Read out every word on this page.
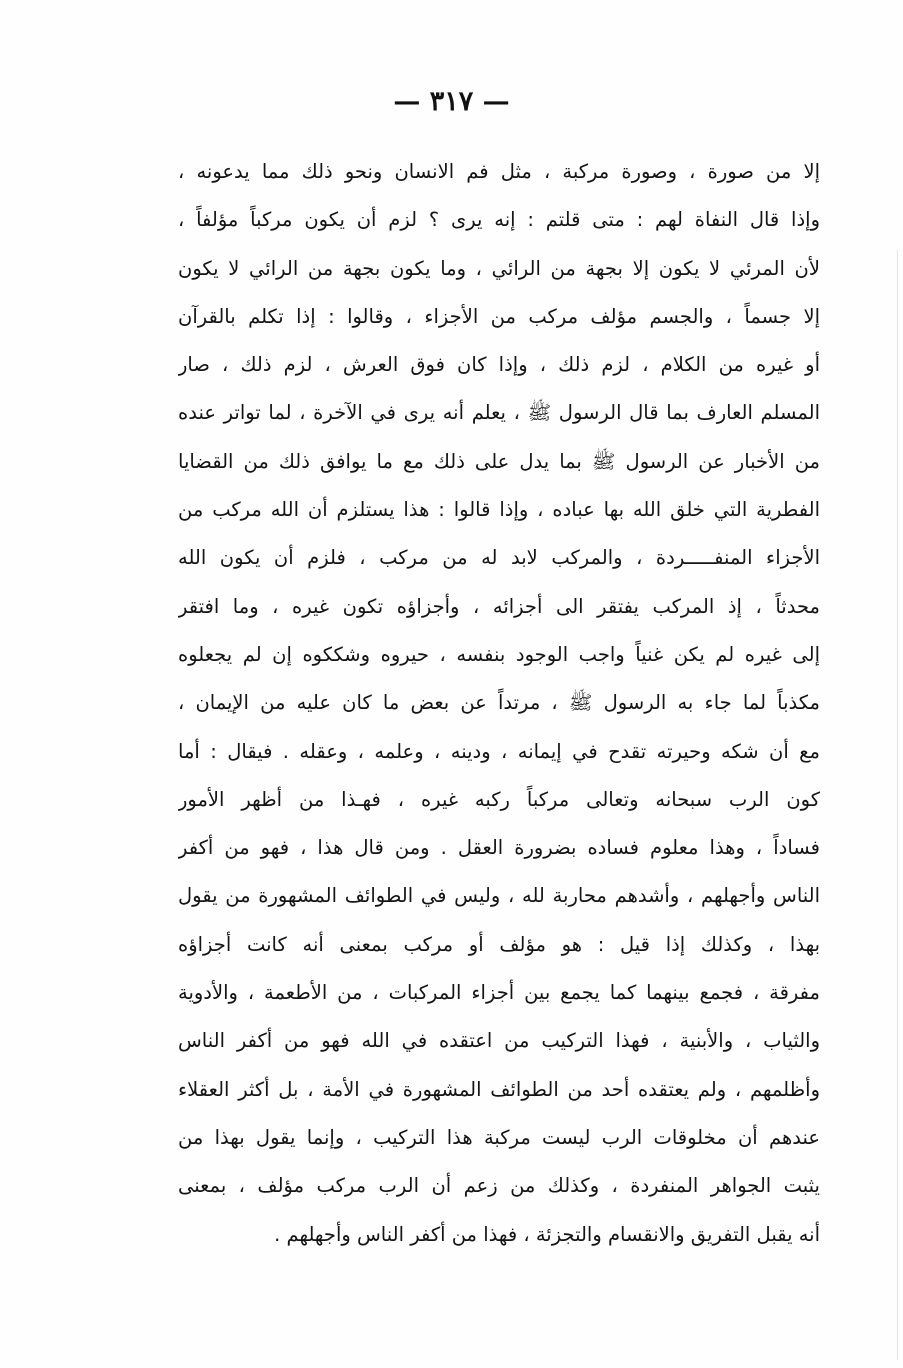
— ٣١٧ —
إلا من صورة ، وصورة مركبة ، مثل فم الانسان ونحو ذلك مما يدعونه ،
وإذا قال النفاة لهم : متى قلتم : إنه يرى ؟ لزم أن يكون مركباً مؤلفاً ،
لأن المرئي لا يكون إلا بجهة من الرائي ، وما يكون بجهة من الرائي لا يكون
إلا جسماً ، والجسم مؤلف مركب من الأجزاء ، وقالوا : إذا تكلم بالقرآن
أو غيره من الكلام ، لزم ذلك ، وإذا كان فوق العرش ، لزم ذلك ، صار
المسلم العارف بما قال الرسول ﷺ ، يعلم أنه يرى في الآخرة ، لما تواتر عنده
من الأخبار عن الرسول ﷺ بما يدل على ذلك مع ما يوافق ذلك من القضايا
الفطرية التي خلق الله بها عباده ، وإذا قالوا : هذا يستلزم أن الله مركب من
الأجزاء المنفـــــردة ، والمركب لابد له من مركب ، فلزم أن يكون الله
محدثاً ، إذ المركب يفتقر الى أجزائه ، وأجزاؤه تكون غيره ، وما افتقر
إلى غيره لم يكن غنياً واجب الوجود بنفسه ، حيروه وشككوه إن لم يجعلوه
مكذباً لما جاء به الرسول ﷺ ، مرتداً عن بعض ما كان عليه من الإيمان ،
مع أن شكه وحيرته تقدح في إيمانه ، ودينه ، وعلمه ، وعقله . فيقال : أما
كون الرب سبحانه وتعالى مركباً ركبه غيره ، فهـذا من أظهر الأمور
فساداً ، وهذا معلوم فساده بضرورة العقل . ومن قال هذا ، فهو من أكفر
الناس وأجهلهم ، وأشدهم محاربة لله ، وليس في الطوائف المشهورة من يقول
بهذا ، وكذلك إذا قيل : هو مؤلف أو مركب بمعنى أنه كانت أجزاؤه
مفرقة ، فجمع بينهما كما يجمع بين أجزاء المركبات ، من الأطعمة ، والأدوية
والثياب ، والأبنية ، فهذا التركيب من اعتقده في الله فهو من أكفر الناس
وأظلمهم ، ولم يعتقده أحد من الطوائف المشهورة في الأمة ، بل أكثر العقلاء
عندهم أن مخلوقات الرب ليست مركبة هذا التركيب ، وإنما يقول بهذا من
يثبت الجواهر المنفردة ، وكذلك من زعم أن الرب مركب مؤلف ، بمعنى
أنه يقبل التفريق والانقسام والتجزئة ، فهذا من أكفر الناس وأجهلهم .
